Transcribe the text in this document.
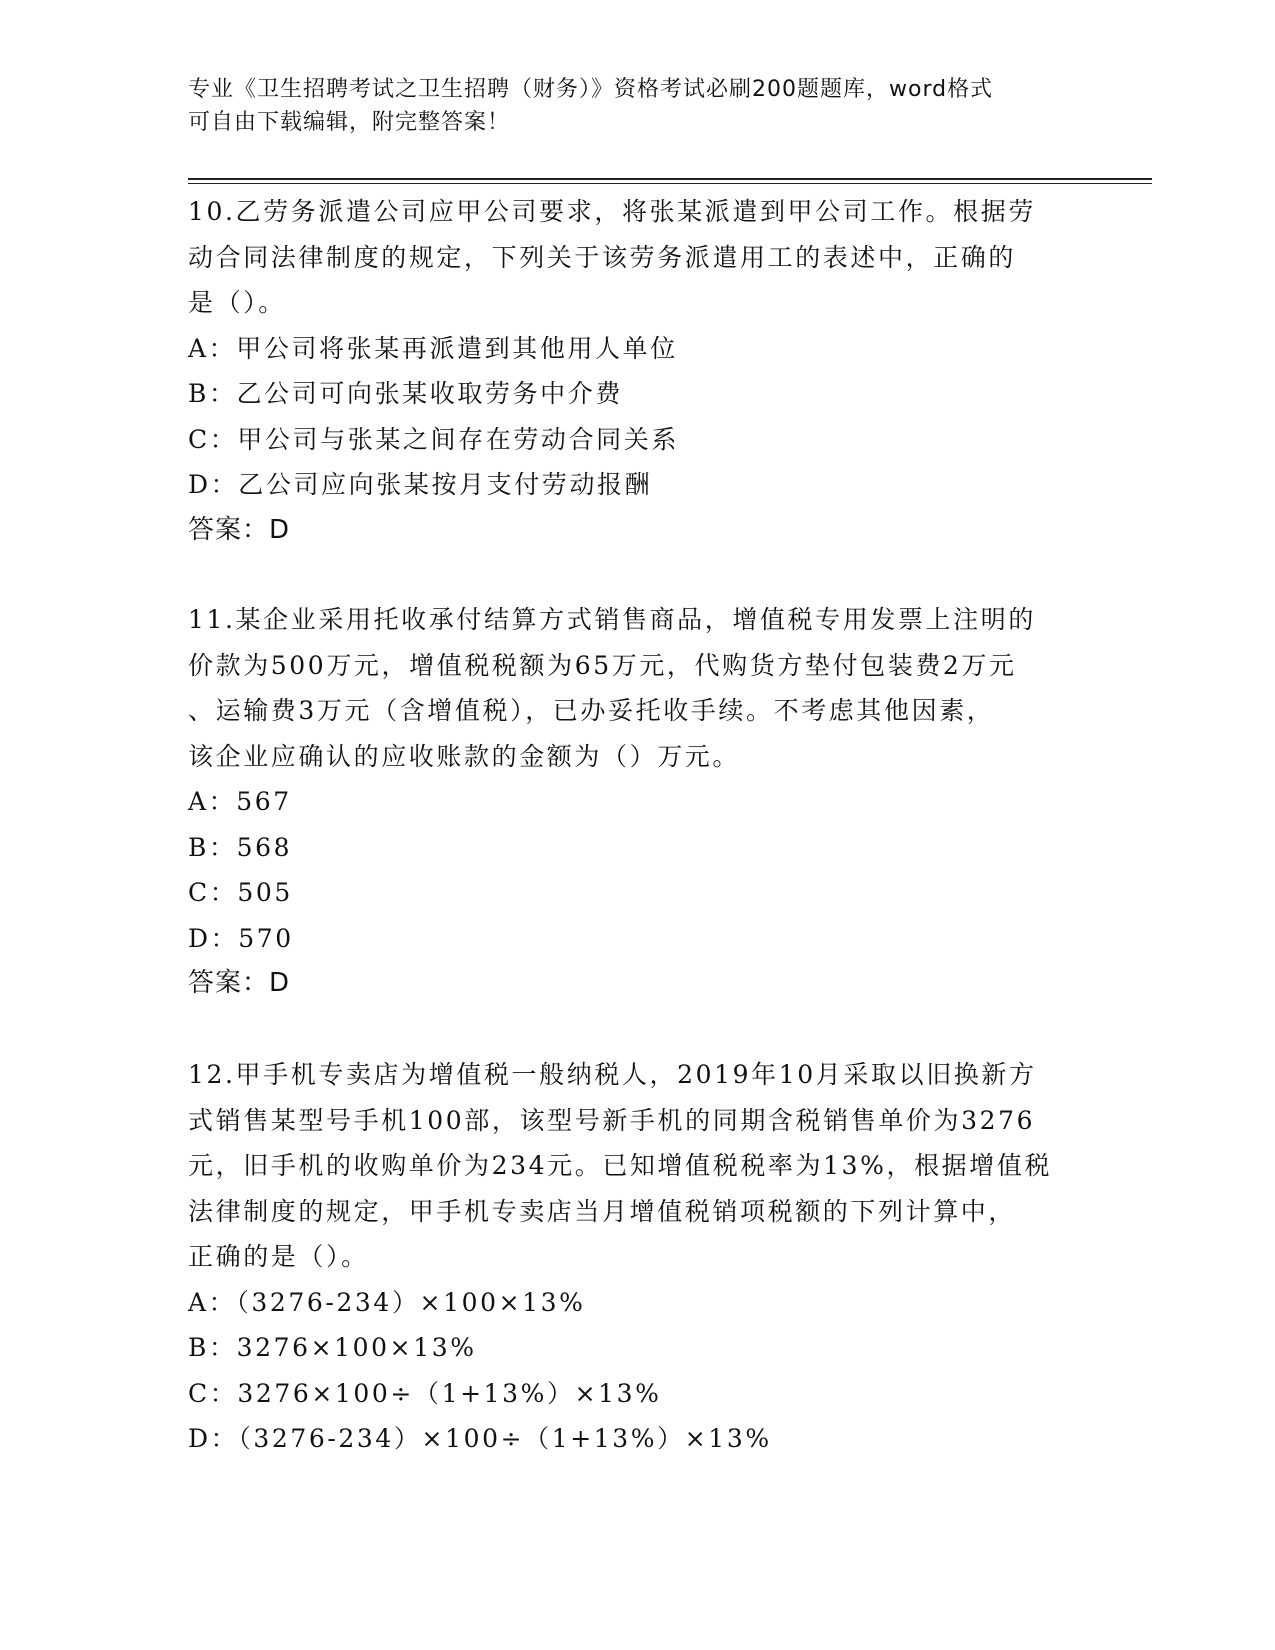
专业《卫生招聘考试之卫生招聘（财务）》资格考试必刷200题题库，word格式
可自由下载编辑，附完整答案！
10.乙劳务派遣公司应甲公司要求，将张某派遣到甲公司工作。根据劳
动合同法律制度的规定，下列关于该劳务派遣用工的表述中，正确的
是（）。
A：甲公司将张某再派遣到其他用人单位
B：乙公司可向张某收取劳务中介费
C：甲公司与张某之间存在劳动合同关系
D：乙公司应向张某按月支付劳动报酬
答案：D
11.某企业采用托收承付结算方式销售商品，增值税专用发票上注明的
价款为500万元，增值税税额为65万元，代购货方垫付包装费2万元
、运输费3万元（含增值税），已办妥托收手续。不考虑其他因素，
该企业应确认的应收账款的金额为（）万元。
A：567
B：568
C：505
D：570
答案：D
12.甲手机专卖店为增值税一般纳税人，2019年10月采取以旧换新方
式销售某型号手机100部，该型号新手机的同期含税销售单价为3276
元，旧手机的收购单价为234元。已知增值税税率为13%，根据增值税
法律制度的规定，甲手机专卖店当月增值税销项税额的下列计算中，
正确的是（）。
A：（3276-234）×100×13%
B：3276×100×13%
C：3276×100÷（1+13%）×13%
D：（3276-234）×100÷（1+13%）×13%
